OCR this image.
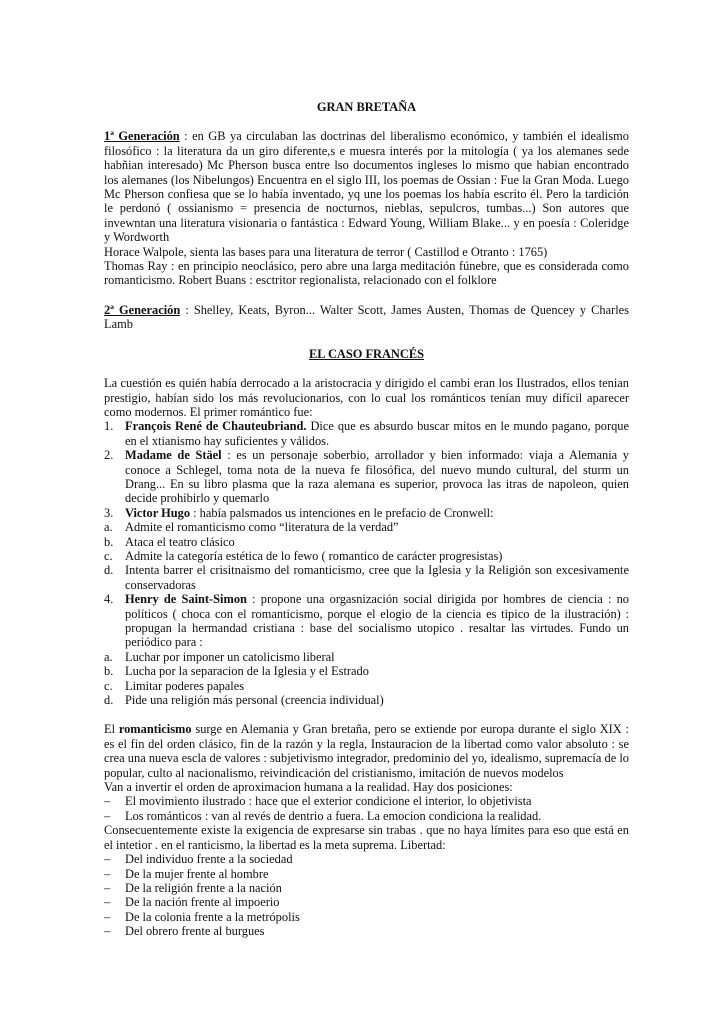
GRAN BRETAÑA

1ª Generación : en GB ya circulaban las doctrinas del liberalismo económico, y también el idealismo filosófico : la literatura da un giro diferente,s e muesra interés por la mitología ( ya los alemanes sede habñian interesado) Mc Pherson busca entre lso documentos ingleses lo mismo que habian encontrado los alemanes (los Nibelungos) Encuentra en el siglo III, los poemas de Ossian : Fue la Gran Moda. Luego Mc Pherson confiesa que se lo había inventado, yq une los poemas los había escrito él. Pero la tardición le perdonó ( ossianismo = presencia de nocturnos, nieblas, sepulcros, tumbas...) Son autores que invewntan una literatura visionaria o fantástica : Edward Young, William Blake... y en poesía : Coleridge y Wordworth

Horace Walpole, sienta las bases para una literatura de terror ( Castillod e Otranto : 1765)

Thomas Ray : en principio neoclásico, pero abre una larga meditación fúnebre, que es considerada como romanticismo. Robert Buans : esctritor regionalista, relacionado con el folklore

2ª Generación : Shelley, Keats, Byron... Walter Scott, James Austen, Thomas de Quencey y Charles Lamb

EL CASO FRANCÉS

La cuestión es quién había derrocado a la aristocracia y dirigido el cambi eran los Ilustrados, ellos tenian prestigio, habían sido los más revolucionarios, con lo cual los románticos tenían muy difícil aparecer como modernos. El primer romántico fue:

1. François René de Chauteubriand. Dice que es absurdo buscar mitos en le mundo pagano, porque en el xtianismo hay suficientes y válidos.
2. Madame de Stäel : es un personaje soberbio, arrollador y bien informado: viaja a Alemania y conoce a Schlegel, toma nota de la nueva fe filosófica, del nuevo mundo cultural, del sturm un Drang... En su libro plasma que la raza alemana es superior, provoca las itras de napoleon, quien decide prohibirlo y quemarlo
3. Victor Hugo : había palsmados us intenciones en le prefacio de Cronwell:
a. Admite el romanticismo como “literatura de la verdad”
b. Ataca el teatro clásico
c. Admite la categoría estética de lo fewo ( romantico de carácter progresistas)
d. Intenta barrer el crisitnaismo del romanticismo, cree que la Iglesia y la Religión son excesivamente conservadoras
4. Henry de Saint-Simon : propone una orgasnización social dirigida por hombres de ciencia : no políticos ( choca con el romanticismo, porque el elogio de la ciencia es tipico de la ilustración) : propugan la hermandad cristiana : base del socialismo utopico . resaltar las virtudes. Fundo un periódico para :
a. Luchar por imponer un catolicismo liberal
b. Lucha por la separacion de la Iglesia y el Estrado
c. Limitar poderes papales
d. Pide una religión más personal (creencia individual)

El romanticismo surge en Alemania y Gran bretaña, pero se extiende por europa durante el siglo XIX : es el fin del orden clásico, fin de la razón y la regla, Instauracion de la libertad como valor absoluto : se crea una nueva escla de valores : subjetivismo integrador, predominio del yo, idealismo, supremacía de lo popular, culto al nacionalismo, reivindicación del cristianismo, imitación de nuevos modelos

Van a invertir el orden de aproximacion humana a la realidad. Hay dos posiciones:

– El movimiento ilustrado : hace que el exterior condicione el interior, lo objetivista
– Los románticos : van al revés de dentrio a fuera. La emocion condiciona la realidad.

Consecuentemente existe la exigencia de expresarse sin trabas . que no haya límites para eso que está en el intetior . en el ranticismo, la libertad es la meta suprema. Libertad:

– Del individuo frente a la sociedad
– De la mujer frente al hombre
– De la religión frente a la nación
– De la nación frente al impoerio
– De la colonia frente a la metrópolis
– Del obrero frente al burgues
